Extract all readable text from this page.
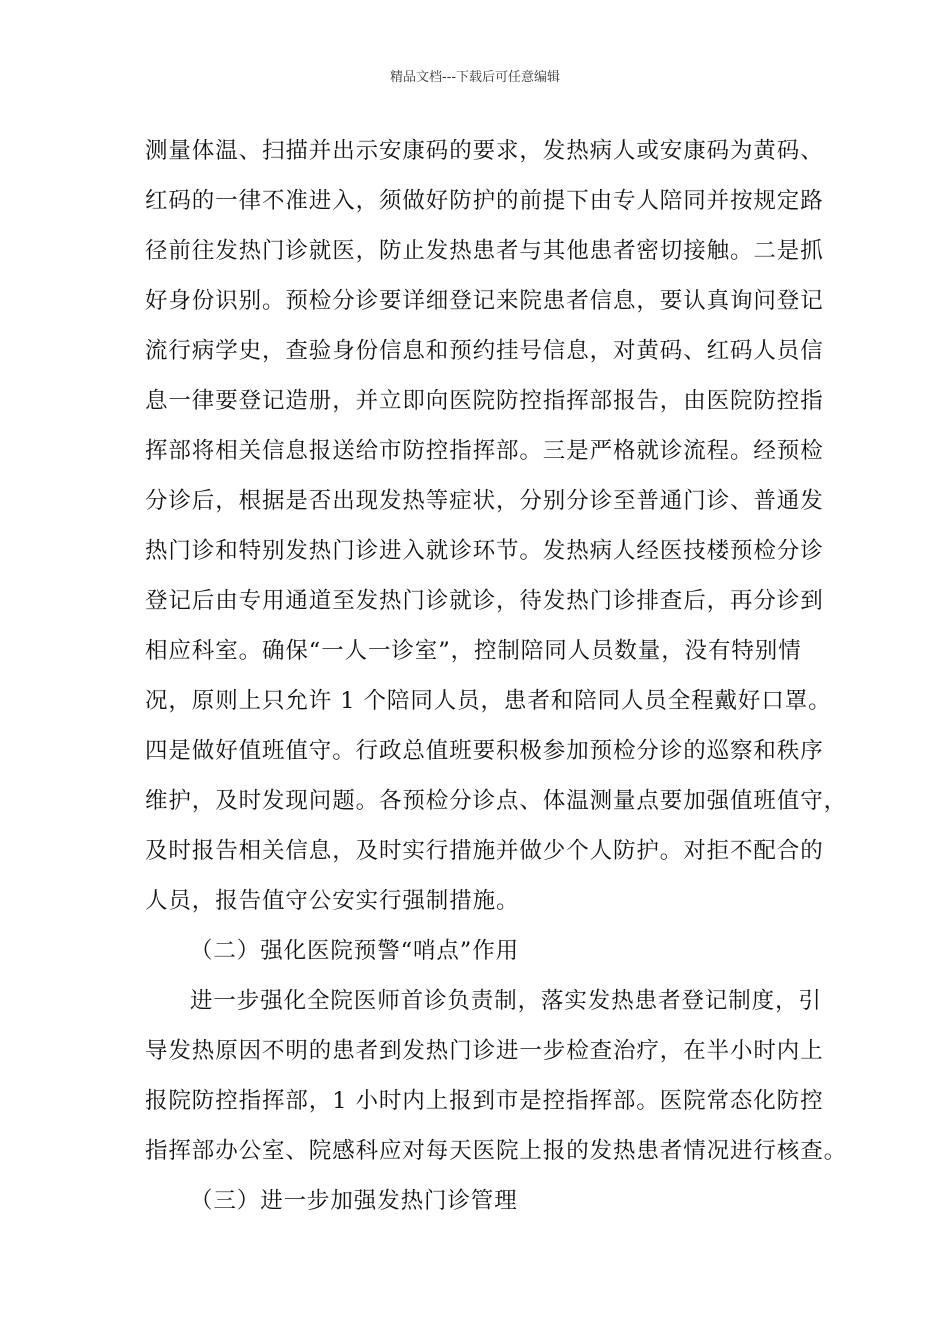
精品文档---下载后可任意编辑
测量体温、扫描并出示安康码的要求，发热病人或安康码为黄码、
红码的一律不准进入，须做好防护的前提下由专人陪同并按规定路
径前往发热门诊就医，防止发热患者与其他患者密切接触。二是抓
好身份识别。预检分诊要详细登记来院患者信息，要认真询问登记
流行病学史，查验身份信息和预约挂号信息，对黄码、红码人员信
息一律要登记造册，并立即向医院防控指挥部报告，由医院防控指
挥部将相关信息报送给市防控指挥部。三是严格就诊流程。经预检
分诊后，根据是否出现发热等症状，分别分诊至普通门诊、普通发
热门诊和特别发热门诊进入就诊环节。发热病人经医技楼预检分诊
登记后由专用通道至发热门诊就诊，待发热门诊排查后，再分诊到
相应科室。确保“一人一诊室”，控制陪同人员数量，没有特别情
况，原则上只允许 1 个陪同人员，患者和陪同人员全程戴好口罩。
四是做好值班值守。行政总值班要积极参加预检分诊的巡察和秩序
维护，及时发现问题。各预检分诊点、体温测量点要加强值班值守，
及时报告相关信息，及时实行措施并做少个人防护。对拒不配合的
人员，报告值守公安实行强制措施。
（二）强化医院预警“哨点”作用
进一步强化全院医师首诊负责制，落实发热患者登记制度，引
导发热原因不明的患者到发热门诊进一步检查治疗，在半小时内上
报院防控指挥部，1 小时内上报到市是控指挥部。医院常态化防控
指挥部办公室、院感科应对每天医院上报的发热患者情况进行核查。
（三）进一步加强发热门诊管理
